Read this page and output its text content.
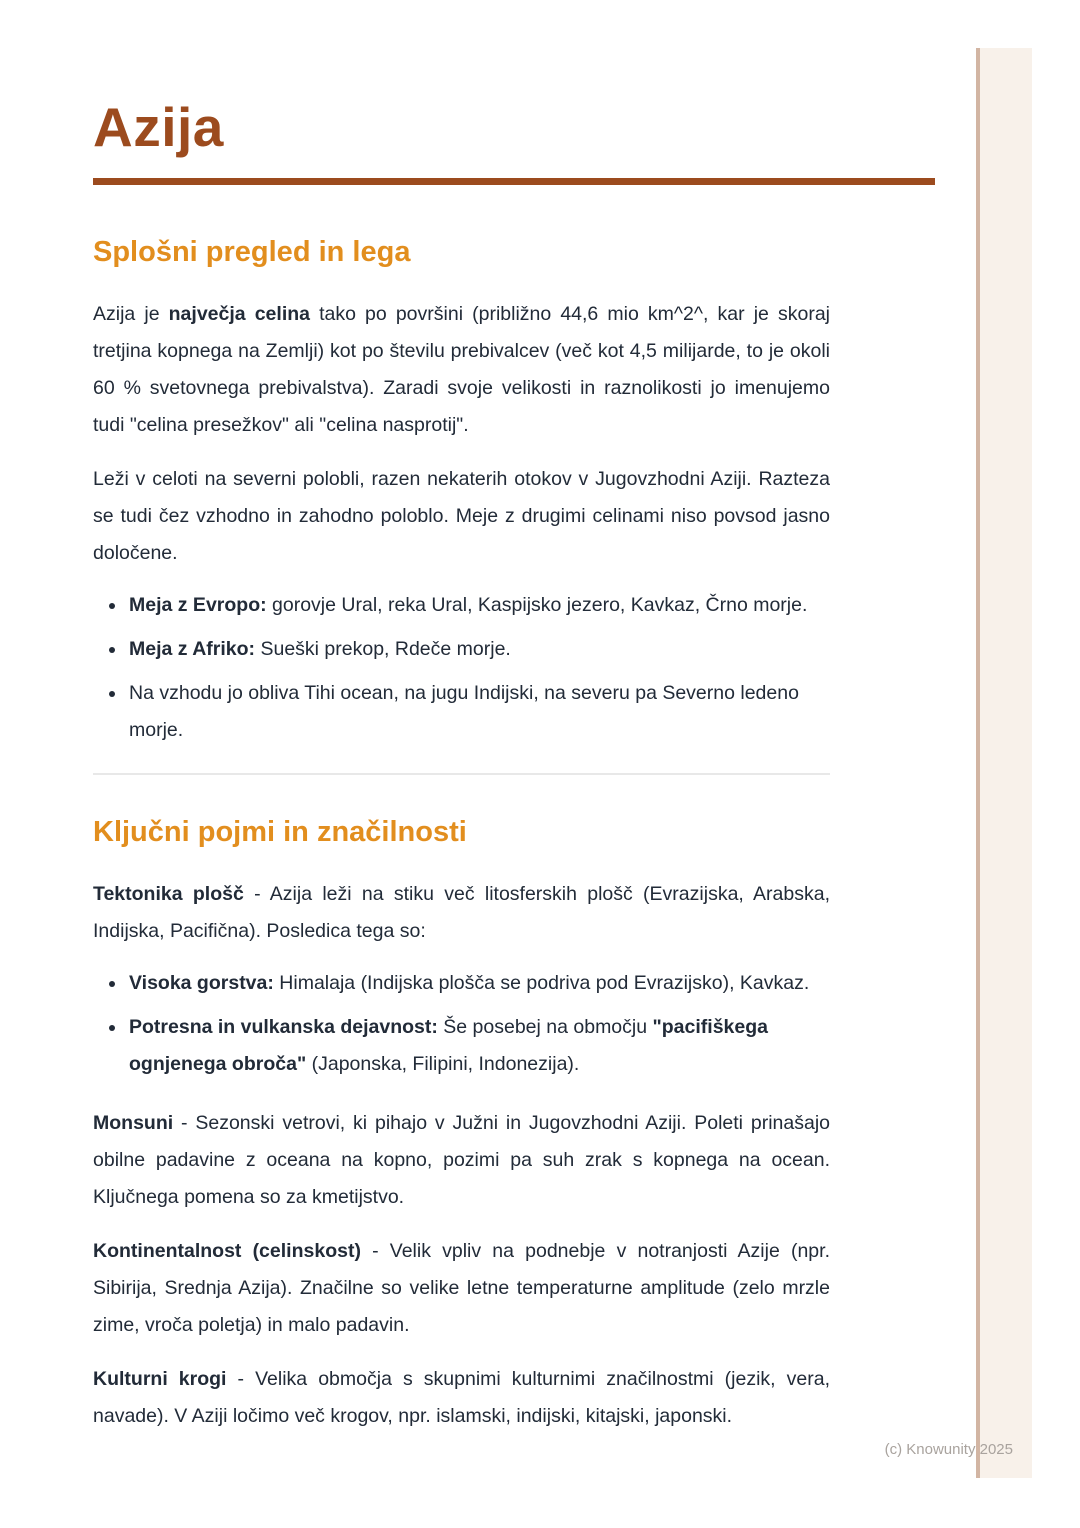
Azija
Splošni pregled in lega

Azija je največja celina tako po površini (približno 44,6 mio km^2^, kar je skoraj tretjina kopnega na Zemlji) kot po številu prebivalcev (več kot 4,5 milijarde, to je okoli 60 % svetovnega prebivalstva). Zaradi svoje velikosti in raznolikosti jo imenujemo tudi "celina presežkov" ali "celina nasprotij".

Leži v celoti na severni polobli, razen nekaterih otokov v Jugovzhodni Aziji. Razteza se tudi čez vzhodno in zahodno poloblo. Meje z drugimi celinami niso povsod jasno določene.

• Meja z Evropo: gorovje Ural, reka Ural, Kaspijsko jezero, Kavkaz, Črno morje.
• Meja z Afriko: Sueški prekop, Rdeče morje.
• Na vzhodu jo obliva Tihi ocean, na jugu Indijski, na severu pa Severno ledeno morje.
Ključni pojmi in značilnosti

Tektonika plošč - Azija leži na stiku več litosferskih plošč (Evrazijska, Arabska, Indijska, Pacifična). Posledica tega so:

• Visoka gorstva: Himalaja (Indijska plošča se podriva pod Evrazijsko), Kavkaz.
• Potresna in vulkanska dejavnost: Še posebej na območju "pacifiškega ognjenega obroča" (Japonska, Filipini, Indonezija).

Monsuni - Sezonski vetrovi, ki pihajo v Južni in Jugovzhodni Aziji. Poleti prinašajo obilne padavine z oceana na kopno, pozimi pa suh zrak s kopnega na ocean. Ključnega pomena so za kmetijstvo.

Kontinentalnost (celinskost) - Velik vpliv na podnebje v notranjosti Azije (npr. Sibirija, Srednja Azija). Značilne so velike letne temperaturne amplitude (zelo mrzle zime, vroča poletja) in malo padavin.

Kulturni krogi - Velika območja s skupnimi kulturnimi značilnostmi (jezik, vera, navade). V Aziji ločimo več krogov, npr. islamski, indijski, kitajski, japonski.

(c) Knowunity 2025
